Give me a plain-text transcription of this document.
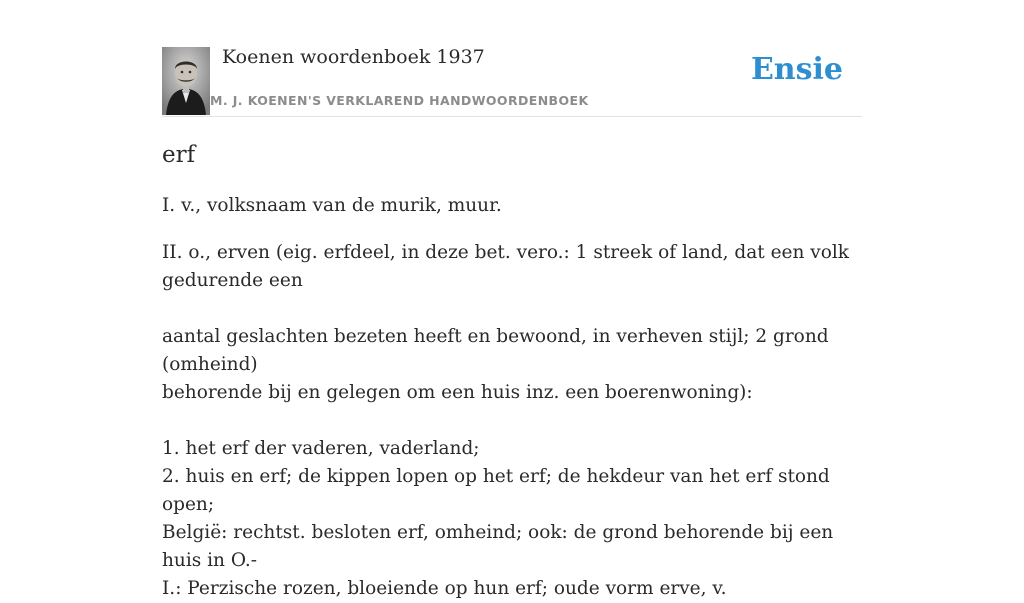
Koenen woordenboek 1937
M. J. KOENEN'S VERKLAREND HANDWOORDENBOEK
Ensie
erf

I. v., volksnaam van de murik, muur.

II. o., erven (eig. erfdeel, in deze bet. vero.: 1 streek of land, dat een volk
gedurende een

aantal geslachten bezeten heeft en bewoond, in verheven stijl; 2 grond (omheind)
behorende bij en gelegen om een huis inz. een boerenwoning):

1. het erf der vaderen, vaderland;
2. huis en erf; de kippen lopen op het erf; de hekdeur van het erf stond open;
België: rechtst. besloten erf, omheind; ook: de grond behorende bij een huis in O.-
I.: Perzische rozen, bloeiende op hun erf; oude vorm erve, v.
